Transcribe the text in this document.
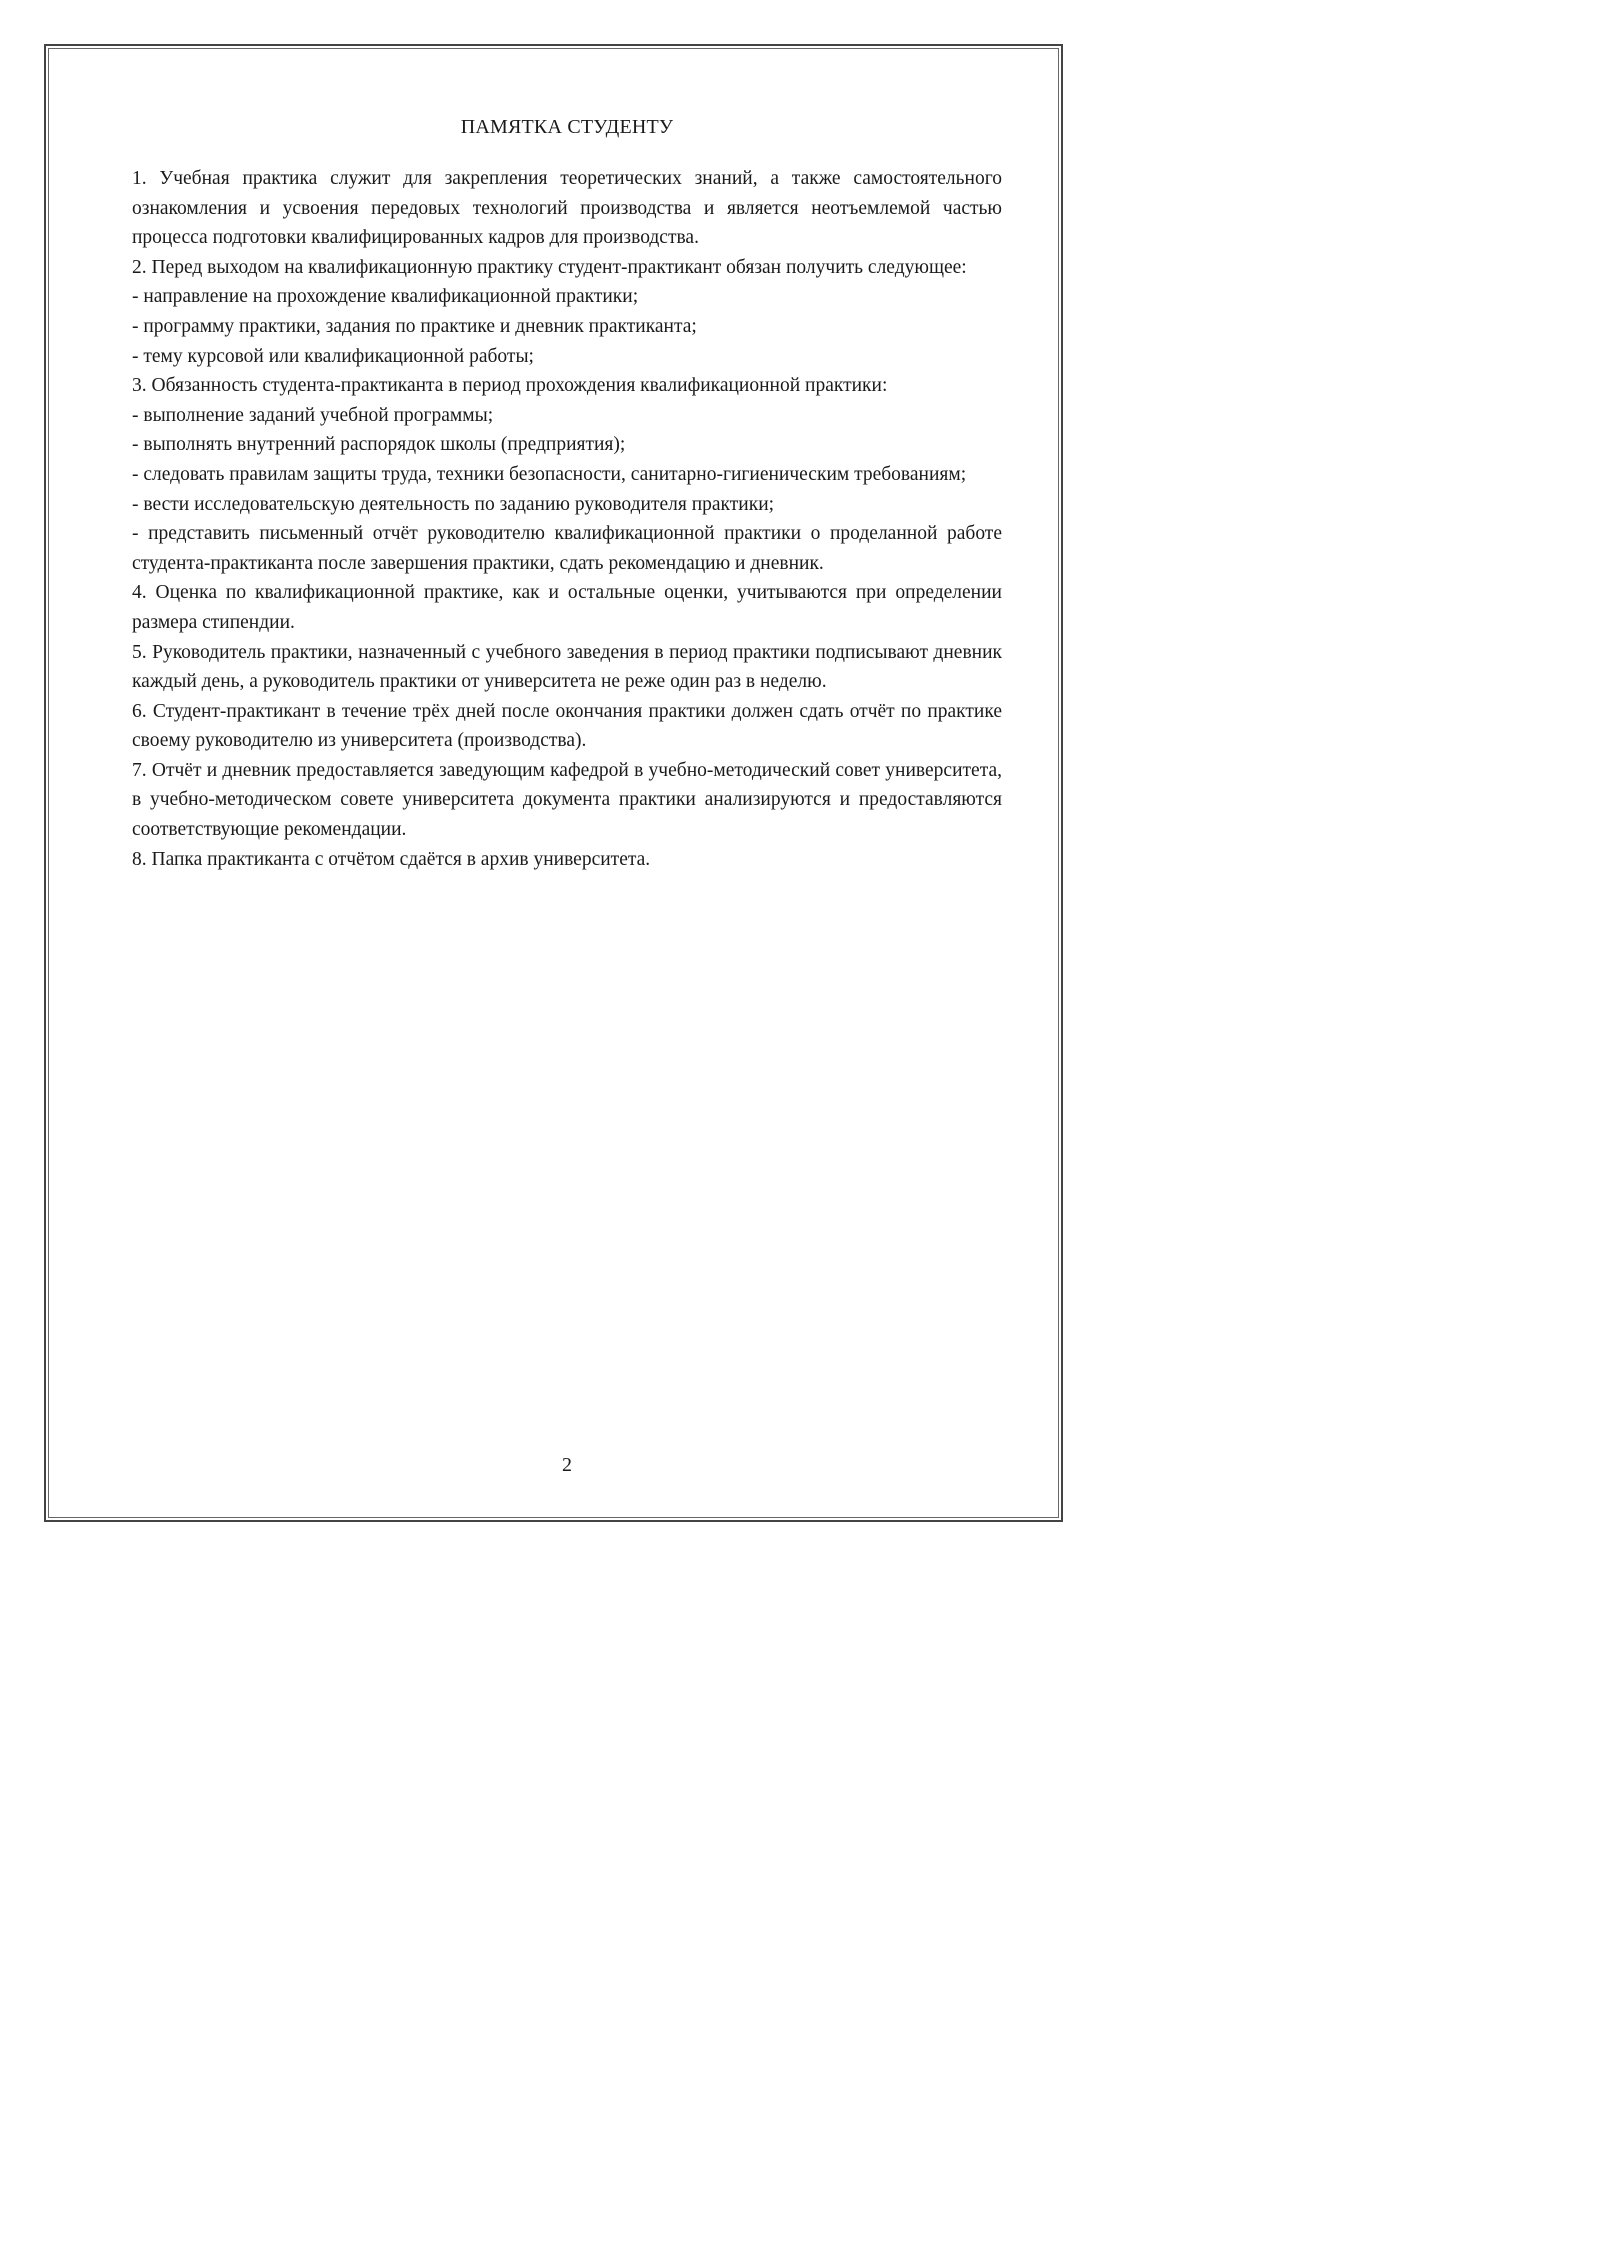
ПАМЯТКА СТУДЕНТУ

1. Учебная практика служит для закрепления теоретических знаний, а также самостоятельного ознакомления и усвоения передовых технологий производства и является неотъемлемой частью процесса подготовки квалифицированных кадров для производства.

2. Перед выходом на квалификационную практику студент-практикант обязан получить следующее:

- направление на прохождение квалификационной практики;

- программу практики, задания по практике и дневник практиканта;

- тему курсовой или квалификационной работы;

3. Обязанность студента-практиканта в период прохождения квалификационной практики:

- выполнение заданий учебной программы;

- выполнять внутренний распорядок школы (предприятия);

- следовать правилам защиты труда, техники безопасности, санитарно-гигиеническим требованиям;

- вести исследовательскую деятельность по заданию руководителя практики;

- представить письменный отчёт руководителю квалификационной практики о проделанной работе студента-практиканта после завершения практики, сдать рекомендацию и дневник.

4. Оценка по квалификационной практике, как и остальные оценки, учитываются при определении размера стипендии.

5. Руководитель практики, назначенный с учебного заведения в период практики подписывают дневник каждый день, а руководитель практики от университета не реже один раз в неделю.

6. Студент-практикант в течение трёх дней после окончания практики должен сдать отчёт по практике своему руководителю из университета (производства).

7. Отчёт и дневник предоставляется заведующим кафедрой в учебно-методический совет университета, в учебно-методическом совете университета документа практики анализируются и предоставляются соответствующие рекомендации.

8. Папка практиканта с отчётом сдаётся в архив университета.

2
